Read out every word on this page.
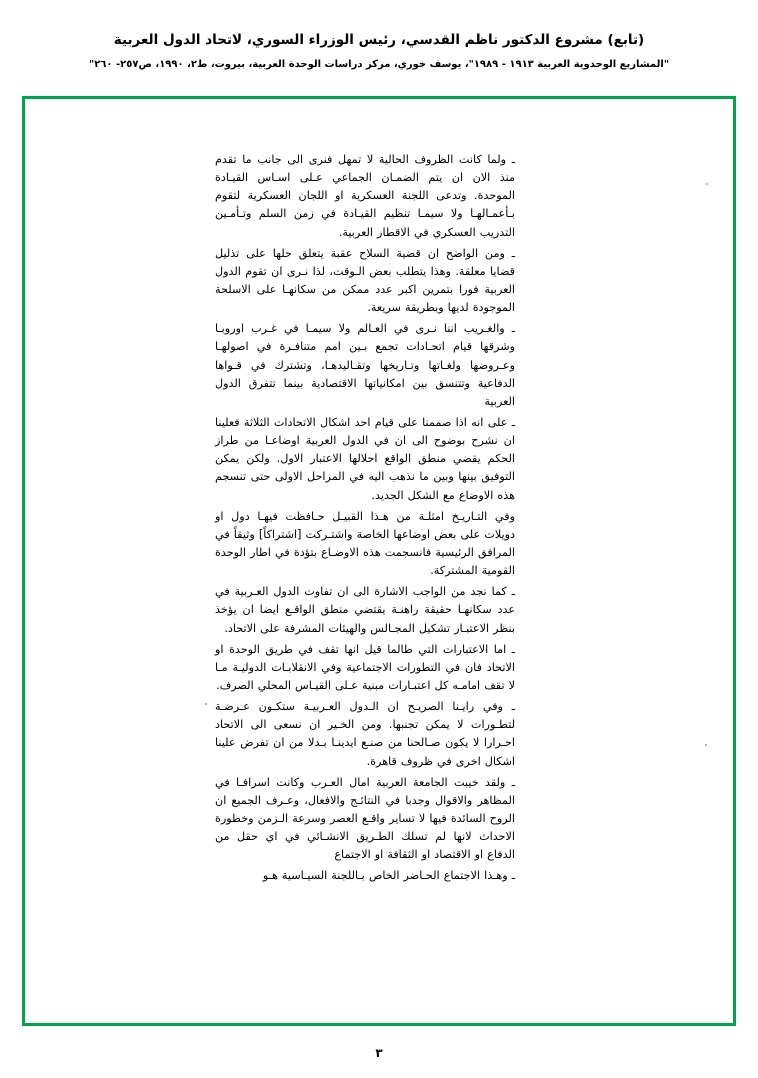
(تابع) مشروع الدكتور ناظم القدسي، رئيس الوزراء السوري، لاتحاد الدول العربية
"المشاريع الوحدوية العربية ١٩١٣ - ١٩٨٩"، يوسف خوري، مركز دراسات الوحدة العربية، بيروت، ط٢، ١٩٩٠، ص٢٥٧- ٢٦٠"

ـ ولما كانت الظروف الحالية لا تمهل فنرى الى جانب ما تقدم منذ الان ان يتم الضمـان الجماعي عـلى اسـاس القيـادة الموحدة. وتدعى اللجنة العسكرية او اللجان العسكرية لتقوم بـأعمـالهـا ولا سيمـا تنظيم القيـادة في زمن السلم وتـأمـين التدريب العسكري في الاقطار العربية.

ـ ومن الواضح ان قضية السلاح عقبة يتعلق حلها على تذليل قضايا معلقة. وهذا يتطلب بعض الـوقت، لذا نـرى ان تقوم الدول العربية فورا بتمرين اكبر عدد ممكن من سكانهـا على الاسلحة الموجودة لديها وبطريقة سريعة.

ـ والغـريب اننا نـرى في العـالم ولا سيمـا في غـرب اوروبـا وشرقها قيام اتحـادات تجمع بـين امم متنافـرة في اصولهـا وعـروضها ولغـاتها وتـاريخها وتقـاليدهـا، وتشترك في قـواها الدفاعية وتتنسق بين امكانياتها الاقتصادية بينما تتفرق الدول العربية

ـ على انه اذا صممنا على قيام احد اشكال الاتحادات الثلاثة فعلينا ان نشرح بوضوح الى ان في الدول العربية اوضاعـا من طراز الحكم يقضي منطق الواقع احلالها الاعتبار الاول. ولكن يمكن التوفيق بينها وبين ما نذهب اليه في المراحل الاولى حتى تنسجم هذه الاوضاع مع الشكل الجديد.

وفي التـاريـخ امثلـة من هـذا القبيـل حـافظت فيهـا دول او دويلات على بعض اوضاعها الخاصة واشتـركت [اشتراكاً] وثيقاً في المرافق الرئيسية فانسجمت هذه الاوضـاع بتؤدة في اطار الوحدة القومية المشتركة.

ـ كما نجد من الواجب الاشارة الى ان تفاوت الدول العـربية في عدد سكانهـا حقيقة راهنـة يقتضي منطق الواقـع ايضا ان يؤخذ بنظر الاعتبـار تشكيل المجـالس والهيئات المشرفة على الاتحاد.

ـ اما الاعتبارات التي طالما قيل انها تقف في طريق الوحدة او الاتحاد فان في التطورات الاجتماعية وفي الانقلابـات الدوليـة مـا لا تقف امامـه كل اعتبـارات مبنية عـلى القيـاس المحلي الصرف.

ـ وفي رايـنا الصريـح ان الـدول العـربيـة ستكـون عـرضـة لتطـورات لا يمكن تجنبها. ومن الخـير ان نسعى الى الاتحاد احـرارا لا يكون صـالحنا من صنـع ايدينـا بـدلا من ان تفرض علينا اشكال اخرى في ظروف قاهرة.

ـ ولقد خيبت الجامعة العربية امال العـرب وكانت اسرافـا في المظاهر والاقوال وجدبا في النتائـج والافعال، وعـرف الجميع ان الروح السائدة فيها لا تساير واقـع العصر وسرعة الـزمن وخطورة الاحداث لانها لم تسلك الطـريق الانشـائي في اي حقل من الدفاع او الاقتصاد او الثقافة او الاجتماع

ـ وهـذا الاجتماع الحـاضر الخاص بـاللجنة السيـاسية هـو

٣
